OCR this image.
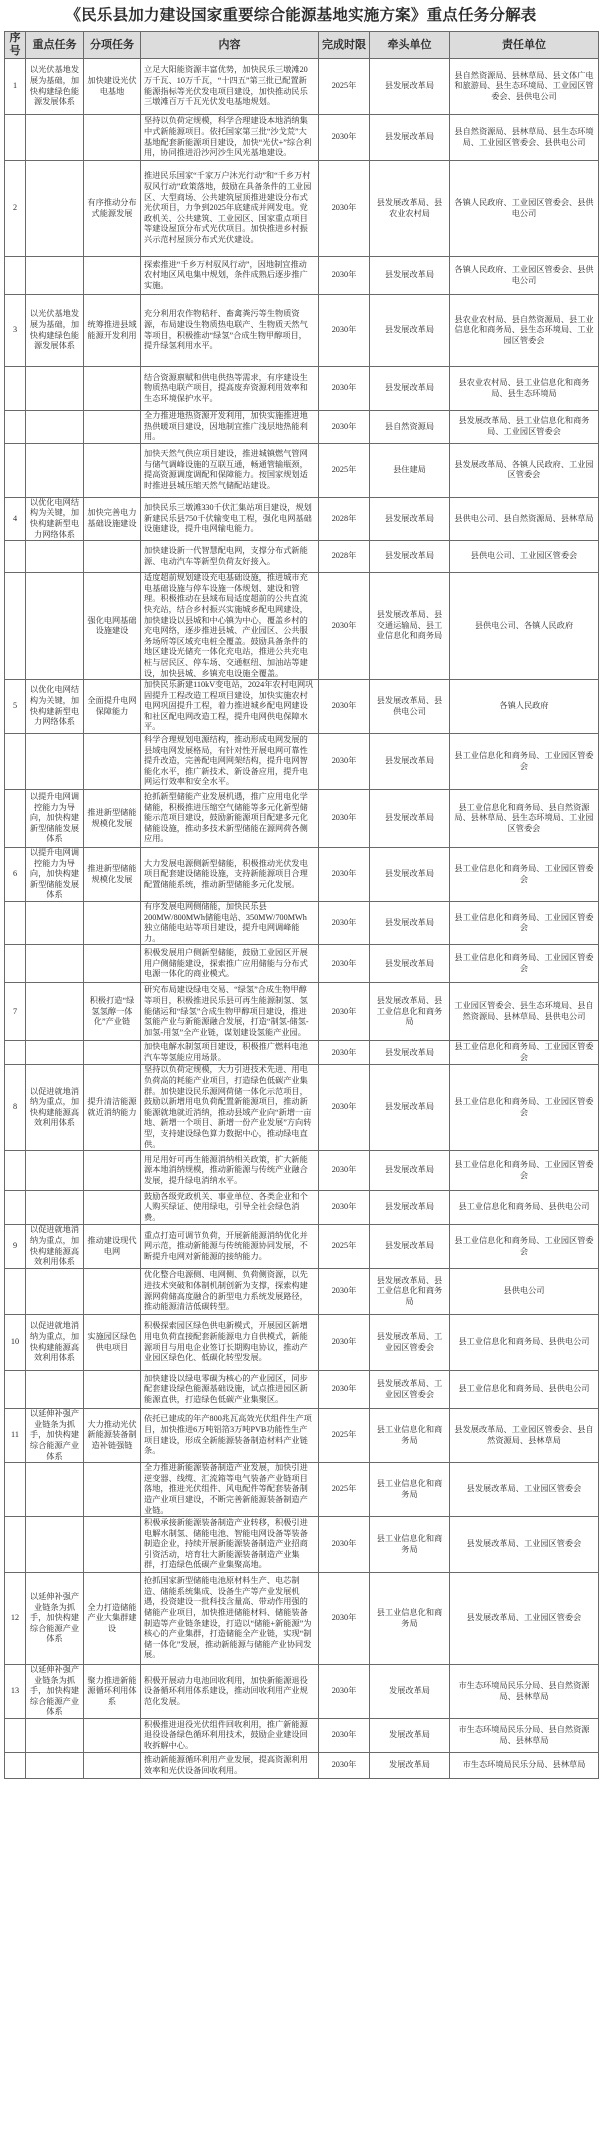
《民乐县加力建设国家重要综合能源基地实施方案》重点任务分解表
序号	重点任务	分项任务	内容	完成时限	牵头单位	责任单位
1	以光伏基地发展为基础，加快构建绿色能源发展体系	加快建设光伏电基地	立足大阳能资源丰富优势，加快民乐三墩滩20万千瓦、10万千瓦，“十四五”第三批已配置新能源指标等光伏发电项目建设，加快推动民乐三墩滩百万千瓦光伏发电基地规划。	2025年	县发展改革局	县自然资源局、县林草局、县文体广电和旅游局、县生态环境局、工业园区管委会、县供电公司
			坚持以负荷定规模，科学合理建设本地消纳集中式新能源项目。依托国家第三批“沙戈荒”大基地配套新能源项目建设，加快“光伏+”综合利用，协同推进沿沙河沙生风光基地建设。	2030年	县发展改革局	县自然资源局、县林草局、县生态环境局、工业园区管委会、县供电公司
2		有序推动分布式能源发展	推进民乐国家“千家万户沐光行动”和“千乡万村驭风行动”政策落地，鼓励在具备条件的工业园区、大型商场、公共建筑屋顶推进建设分布式光伏项目，力争到2025年底建成并网发电。党政机关、公共建筑、工业园区、国家重点项目等建设屋顶分布式光伏项目。加快推进乡村振兴示范村屋顶分布式光伏建设。	2030年	县发展改革局、县农业农村局	各镇人民政府、工业园区管委会、县供电公司
			探索推进“千乡万村驭风行动”，因地制宜推动农村地区风电集中规划，条件成熟后逐步推广实施。	2030年	县发展改革局	各镇人民政府、工业园区管委会、县供电公司
3	以光伏基地发展为基础，加快构建绿色能源发展体系	统筹推进县域能源开发利用	充分利用农作物秸秆、畜禽粪污等生物质资源，布局建设生物质热电联产、生物质天然气等项目，积极推动“绿氢”合成生物甲醇项目，提升绿氢利用水平。	2030年	县发展改革局	县农业农村局、县自然资源局、县工业信息化和商务局、县生态环境局、工业园区管委会
			结合资源禀赋和供电供热等需求，有序建设生物质热电联产项目，提高废弃资源利用效率和生态环境保护水平。	2030年	县发展改革局	县农业农村局、县工业信息化和商务局、县生态环境局
			全力推进地热资源开发利用，加快实施推进地热供暖项目建设，因地制宜推广浅层地热能利用。	2030年	县自然资源局	县发展改革局、县工业信息化和商务局、工业园区管委会
			加快天然气供应项目建设，推进城镇燃气管网与储气调峰设施的互联互通，畅通管输瓶颈，提高资源调度调配和保障能力。按国家规划适时推进县城压缩天然气储配站建设。	2025年	县住建局	县发展改革局、各镇人民政府、工业园区管委会
4	以优化电网结构为关键，加快构建新型电力网络体系	加快完善电力基础设施建设	加快民乐三墩滩330千伏汇集站项目建设，规划新建民乐县750千伏输变电工程，强化电网基础设施建设，提升电网输电能力。	2028年	县发展改革局	县供电公司、县自然资源局、县林草局
			加快建设新一代智慧配电网，支撑分布式新能源、电动汽车等新型负荷友好接入。	2028年	县发展改革局	县供电公司、工业园区管委会
		强化电网基础设施建设	适度超前规划建设充电基础设施，推进城市充电基础设施与停车设施一体规划、建设和管理。积极推动在县域布局适度超前的公共直流快充站，结合乡村振兴实施城乡配电网建设，加快建设以县城和中心镇为中心，覆盖乡村的充电网络，逐步推进县城、产业园区、公共服务场所等区域充电桩全覆盖。鼓励具备条件的地区建设光储充一体化充电站，推进公共充电桩与居民区、停车场、交通枢纽、加油站等建设，加快县城、乡镇充电设施全覆盖。	2030年	县发展改革局、县交通运输局、县工业信息化和商务局	县供电公司、各镇人民政府
5	以优化电网结构为关键，加快构建新型电力网络体系	全面提升电网保障能力	加快民乐新建110kV变电站，2024年农村电网巩固提升工程改造工程项目建设，加快实施农村电网巩固提升工程，着力推进城乡配电网建设和社区配电网改造工程，提升电网供电保障水平。	2030年	县发展改革局、县供电公司	各镇人民政府
			科学合理规划电源结构，推动形成电网发展的县域电网发展格局，有针对性开展电网可靠性提升改造，完善配电网网架结构，提升电网智能化水平，推广新技术、新设备应用，提升电网运行效率和安全水平。	2030年	县发展改革局	县工业信息化和商务局、工业园区管委会
	以提升电网调控能力为导向，加快构建新型储能发展体系	推进新型储能规模化发展	抢抓新型储能产业发展机遇，推广应用电化学储能，积极推进压缩空气储能等多元化新型储能示范项目建设，鼓励新能源项目配建多元化储能设施，推动多技术新型储能在源网荷各侧应用。	2030年	县发展改革局	县工业信息化和商务局、县自然资源局、县林草局、县生态环境局、工业园区管委会
6	以提升电网调控能力为导向，加快构建新型储能发展体系	推进新型储能规模化发展	大力发展电源侧新型储能，积极推动光伏发电项目配套建设储能设施，支持新能源项目合理配置储能系统，推动新型储能多元化发展。	2030年	县发展改革局	县工业信息化和商务局、工业园区管委会
			有序发展电网侧储能，加快民乐县200MW/800MWh储能电站、350MW/700MWh独立储能电站等项目建设，提升电网调峰能力。	2030年	县发展改革局	县工业信息化和商务局、工业园区管委会
			积极发展用户侧新型储能，鼓励工业园区开展用户侧储能建设，探索推广应用储能与分布式电源一体化的商业模式。	2030年	县发展改革局	县工业信息化和商务局、工业园区管委会
7		积极打造“绿氢氢醇一体化”产业链	研究布局建设绿电交易、“绿氢”合成生物甲醇等项目，积极推进民乐县可再生能源制氢、氢能储运和“绿氢”合成生物甲醇项目建设，推进氢能产业与新能源融合发展，打造“制氢-储氢-加氢-用氢”全产业链，谋划建设氢能产业园。	2030年	县发展改革局、县工业信息化和商务局	工业园区管委会、县生态环境局、县自然资源局、县林草局、县供电公司
			加快电解水制氢项目建设，积极推广燃料电池汽车等氢能应用场景。	2030年	县发展改革局	县工业信息化和商务局、工业园区管委会
8	以促进就地消纳为重点，加快构建能源高效利用体系	提升清洁能源就近消纳能力	坚持以负荷定规模，大力引进技术先进、用电负荷高的耗能产业项目，打造绿色低碳产业集群。加快建设民乐源网荷储一体化示范项目，鼓励以新增用电负荷配置新能源项目，推动新能源就地就近消纳，推动县域产业向“新增一亩地、新增一个项目、新增一份产业发展”方向转型，支持建设绿色算力数据中心，推动绿电直供。	2030年	县发展改革局	县工业信息化和商务局、工业园区管委会
			用足用好可再生能源消纳相关政策，扩大新能源本地消纳规模，推动新能源与传统产业融合发展，提升绿电消纳水平。	2030年	县发展改革局	县工业信息化和商务局、工业园区管委会
			鼓励各级党政机关、事业单位、各类企业和个人购买绿证、使用绿电，引导全社会绿色消费。	2030年	县发展改革局	县工业信息化和商务局、县供电公司
9	以促进就地消纳为重点，加快构建能源高效利用体系	推动建设现代电网	重点打造可调节负荷，开展新能源消纳优化并网示范，推动新能源与传统能源协同发展，不断提升电网对新能源的接纳能力。	2025年	县发展改革局	县工业信息化和商务局、工业园区管委会
			优化整合电源侧、电网侧、负荷侧资源，以先进技术突破和体制机制创新为支撑，探索构建源网荷储高度融合的新型电力系统发展路径，推动能源清洁低碳转型。	2030年	县发展改革局、县工业信息化和商务局	县供电公司
10	以促进就地消纳为重点，加快构建能源高效利用体系	实施园区绿色供电项目	积极探索园区绿色供电新模式，开展园区新增用电负荷直接配套新能源电力自供模式，新能源项目与用电企业签订长期购电协议，推动产业园区绿色化、低碳化转型发展。	2030年	县发展改革局、工业园区管委会	县工业信息化和商务局、县供电公司
			加快建设以绿电零碳为核心的产业园区，同步配套建设绿色能源基础设施，试点推进园区新能源直供，打造绿色低碳产业集聚区。	2030年	县发展改革局、工业园区管委会	县工业信息化和商务局、县供电公司
11	以延伸补强产业链条为抓手，加快构建综合能源产业体系	大力推动光伏新能源装备制造补链强链	依托已建成的年产800兆瓦高效光伏组件生产项目，加快推进6万吨铝箔3万吨PVB功能性生产项目建设，形成全新能源装备制造材料产业链条。	2025年	县工业信息化和商务局	县发展改革局、工业园区管委会、县自然资源局、县林草局
			全力推进新能源装备制造产业发展，加快引进逆变器、线缆、汇流箱等电气装备产业链项目落地，推进光伏组件、风电配件等配套装备制造产业项目建设，不断完善新能源装备制造产业链。	2025年	县工业信息化和商务局	县发展改革局、工业园区管委会
			积极承接新能源装备制造产业转移，积极引进电解水制氢、储能电池、智能电网设备等装备制造企业，持续开展新能源装备制造产业招商引资活动，培育壮大新能源装备制造产业集群，打造绿色低碳产业集聚高地。	2030年	县工业信息化和商务局	县发展改革局、工业园区管委会
12	以延伸补强产业链条为抓手，加快构建综合能源产业体系	全力打造储能产业大集群建设	抢抓国家新型储能电池原材料生产、电芯制造、储能系统集成、设备生产等产业发展机遇，投资建设一批科技含量高、带动作用强的储能产业项目，加快推进储能材料、储能装备制造等产业链条建设，打造以“储能+新能源”为核心的产业集群，打造储能全产业链，实现“制储一体化”发展，推动新能源与储能产业协同发展。	2030年	县工业信息化和商务局	县发展改革局、工业园区管委会
13	以延伸补强产业链条为抓手，加快构建综合能源产业体系	聚力推进新能源循环利用体系	积极开展动力电池回收利用，加快新能源退役设备循环利用体系建设，推动回收利用产业规范化发展。	2030年	发展改革局	市生态环境局民乐分局、县自然资源局、县林草局
			积极推进退役光伏组件回收利用，推广新能源退役设备绿色循环利用技术，鼓励企业建设回收拆解中心。	2030年	发展改革局	市生态环境局民乐分局、县自然资源局、县林草局
			推动新能源循环利用产业发展，提高资源利用效率和光伏设备回收利用。	2030年	发展改革局	市生态环境局民乐分局、县林草局
